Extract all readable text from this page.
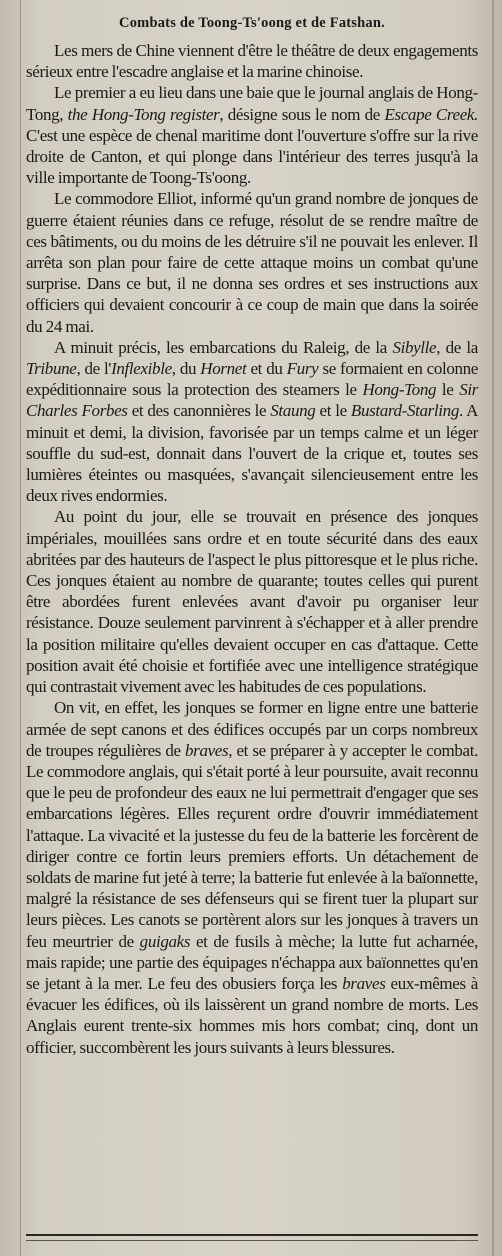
Combats de Toong-Ts'oong et de Fatshan.

Les mers de Chine viennent d'être le théâtre de deux engagements sérieux entre l'escadre anglaise et la marine chinoise.

Le premier a eu lieu dans une baie que le journal anglais de Hong-Tong, the Hong-Tong register, désigne sous le nom de Escape Creek. C'est une espèce de chenal maritime dont l'ouverture s'offre sur la rive droite de Canton, et qui plonge dans l'intérieur des terres jusqu'à la ville importante de Toong-Ts'oong.

Le commodore Elliot, informé qu'un grand nombre de jonques de guerre étaient réunies dans ce refuge, résolut de se rendre maître de ces bâtiments, ou du moins de les détruire s'il ne pouvait les enlever. Il arrêta son plan pour faire de cette attaque moins un combat qu'une surprise. Dans ce but, il ne donna ses ordres et ses instructions aux officiers qui devaient concourir à ce coup de main que dans la soirée du 24 mai.

A minuit précis, les embarcations du Raleig, de la Sibylle, de la Tribune, de l'Inflexible, du Hornet et du Fury se formaient en colonne expéditionnaire sous la protection des steamers le Hong-Tong le Sir Charles Forbes et des canonnières le Staung et le Bustard-Starling. A minuit et demi, la division, favorisée par un temps calme et un léger souffle du sud-est, donnait dans l'ouvert de la crique et, toutes ses lumières éteintes ou masquées, s'avançait silencieusement entre les deux rives endormies.

Au point du jour, elle se trouvait en présence des jonques impériales, mouillées sans ordre et en toute sécurité dans des eaux abritées par des hauteurs de l'aspect le plus pittoresque et le plus riche. Ces jonques étaient au nombre de quarante; toutes celles qui purent être abordées furent enlevées avant d'avoir pu organiser leur résistance. Douze seulement parvinrent à s'échapper et à aller prendre la position militaire qu'elles devaient occuper en cas d'attaque. Cette position avait été choisie et fortifiée avec une intelligence stratégique qui contrastait vivement avec les habitudes de ces populations.

On vit, en effet, les jonques se former en ligne entre une batterie armée de sept canons et des édifices occupés par un corps nombreux de troupes régulières de braves, et se préparer à y accepter le combat. Le commodore anglais, qui s'était porté à leur poursuite, avait reconnu que le peu de profondeur des eaux ne lui permettrait d'engager que ses embarcations légères. Elles reçurent ordre d'ouvrir immédiatement l'attaque. La vivacité et la justesse du feu de la batterie les forcèrent de diriger contre ce fortin leurs premiers efforts. Un détachement de soldats de marine fut jeté à terre; la batterie fut enlevée à la baïonnette, malgré la résistance de ses défenseurs qui se firent tuer la plupart sur leurs pièces. Les canots se portèrent alors sur les jonques à travers un feu meurtrier de guigaks et de fusils à mèche; la lutte fut acharnée, mais rapide; une partie des équipages n'échappa aux baïonnettes qu'en se jetant à la mer. Le feu des obusiers força les braves eux-mêmes à évacuer les édifices, où ils laissèrent un grand nombre de morts. Les Anglais eurent trente-six hommes mis hors combat; cinq, dont un officier, succombèrent les jours suivants à leurs blessures.
